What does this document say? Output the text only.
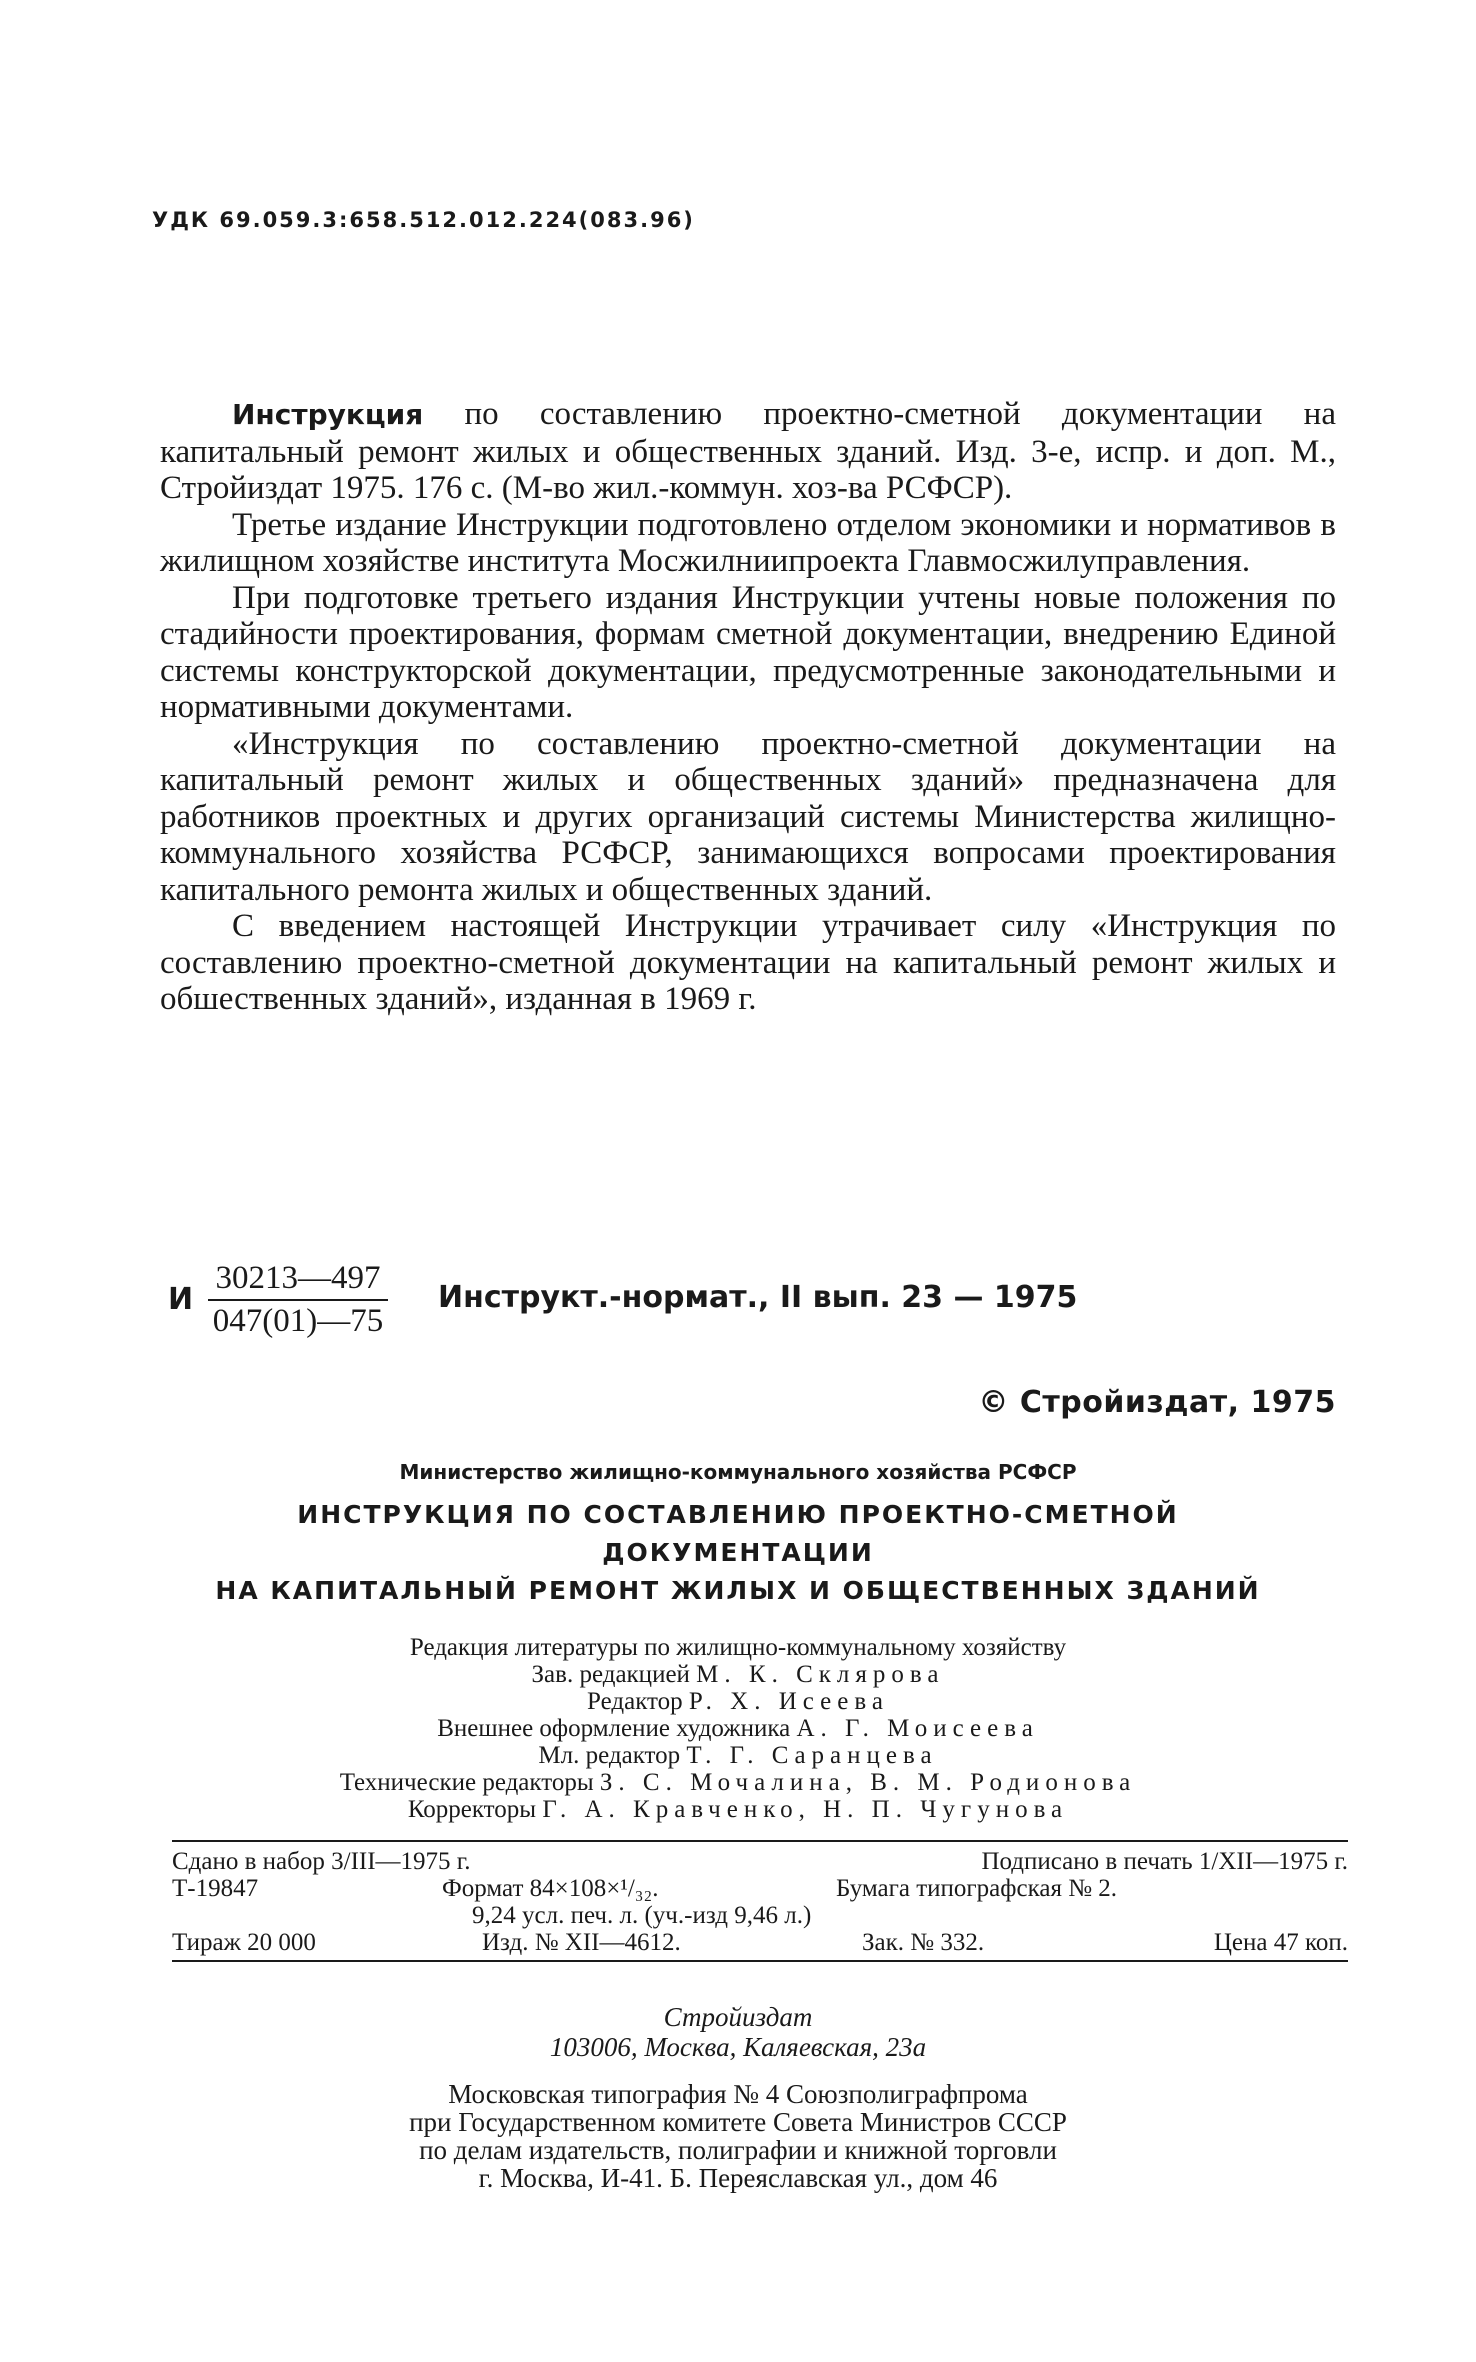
УДК 69.059.3:658.512.012.224(083.96)

Инструкция по составлению проектно-сметной документации на капитальный ремонт жилых и общественных зданий. Изд. 3-е, испр. и доп. М., Стройиздат 1975. 176 с. (М-во жил.-коммун. хоз-ва РСФСР).

Третье издание Инструкции подготовлено отделом экономики и нормативов в жилищном хозяйстве института Мосжилниипроекта Главмосжилуправления.

При подготовке третьего издания Инструкции учтены новые положения по стадийности проектирования, формам сметной документации, внедрению Единой системы конструкторской документации, предусмотренные законодательными и нормативными документами.

«Инструкция по составлению проектно-сметной документации на капитальный ремонт жилых и общественных зданий» предназначена для работников проектных и других организаций системы Министерства жилищно-коммунального хозяйства РСФСР, занимающихся вопросами проектирования капитального ремонта жилых и общественных зданий.

С введением настоящей Инструкции утрачивает силу «Инструкция по составлению проектно-сметной документации на капитальный ремонт жилых и обшественных зданий», изданная в 1969 г.

И $\frac{30213—497}{047(01)—75}$ Инструкт.-нормат., II вып. 23 — 1975
© Стройиздат, 1975
Министерство жилищно-коммунального хозяйства РСФСР
ИНСТРУКЦИЯ ПО СОСТАВЛЕНИЮ ПРОЕКТНО-СМЕТНОЙ
ДОКУМЕНТАЦИИ
НА КАПИТАЛЬНЫЙ РЕМОНТ ЖИЛЫХ И ОБЩЕСТВЕННЫХ ЗДАНИЙ
Редакция литературы по жилищно-коммунальному хозяйству
Зав. редакцией М. К. Склярова
Редактор Р. Х. Исеева
Внешнее оформление художника А. Г. Моисеева
Мл. редактор Т. Г. Саранцева
Технические редакторы З. С. Мочалина, В. М. Родионова
Корректоры Г. А. Кравченко, Н. П. Чугунова
Сдано в набор 3/III—1975 г.	Подписано в печать 1/XII—1975 г.
Т-19847	Формат 84×108×¹/₃₂.	Бумага типографская № 2.
9,24 усл. печ. л. (уч.-изд 9,46 л.)
Тираж 20 000	Изд. № XII—4612.	Зак. № 332.	Цена 47 коп.
Стройиздат
103006, Москва, Каляевская, 23а
Московская типография № 4 Союзполиграфпрома
при Государственном комитете Совета Министров СССР
по делам издательств, полиграфии и книжной торговли
г. Москва, И-41. Б. Переяславская ул., дом 46
